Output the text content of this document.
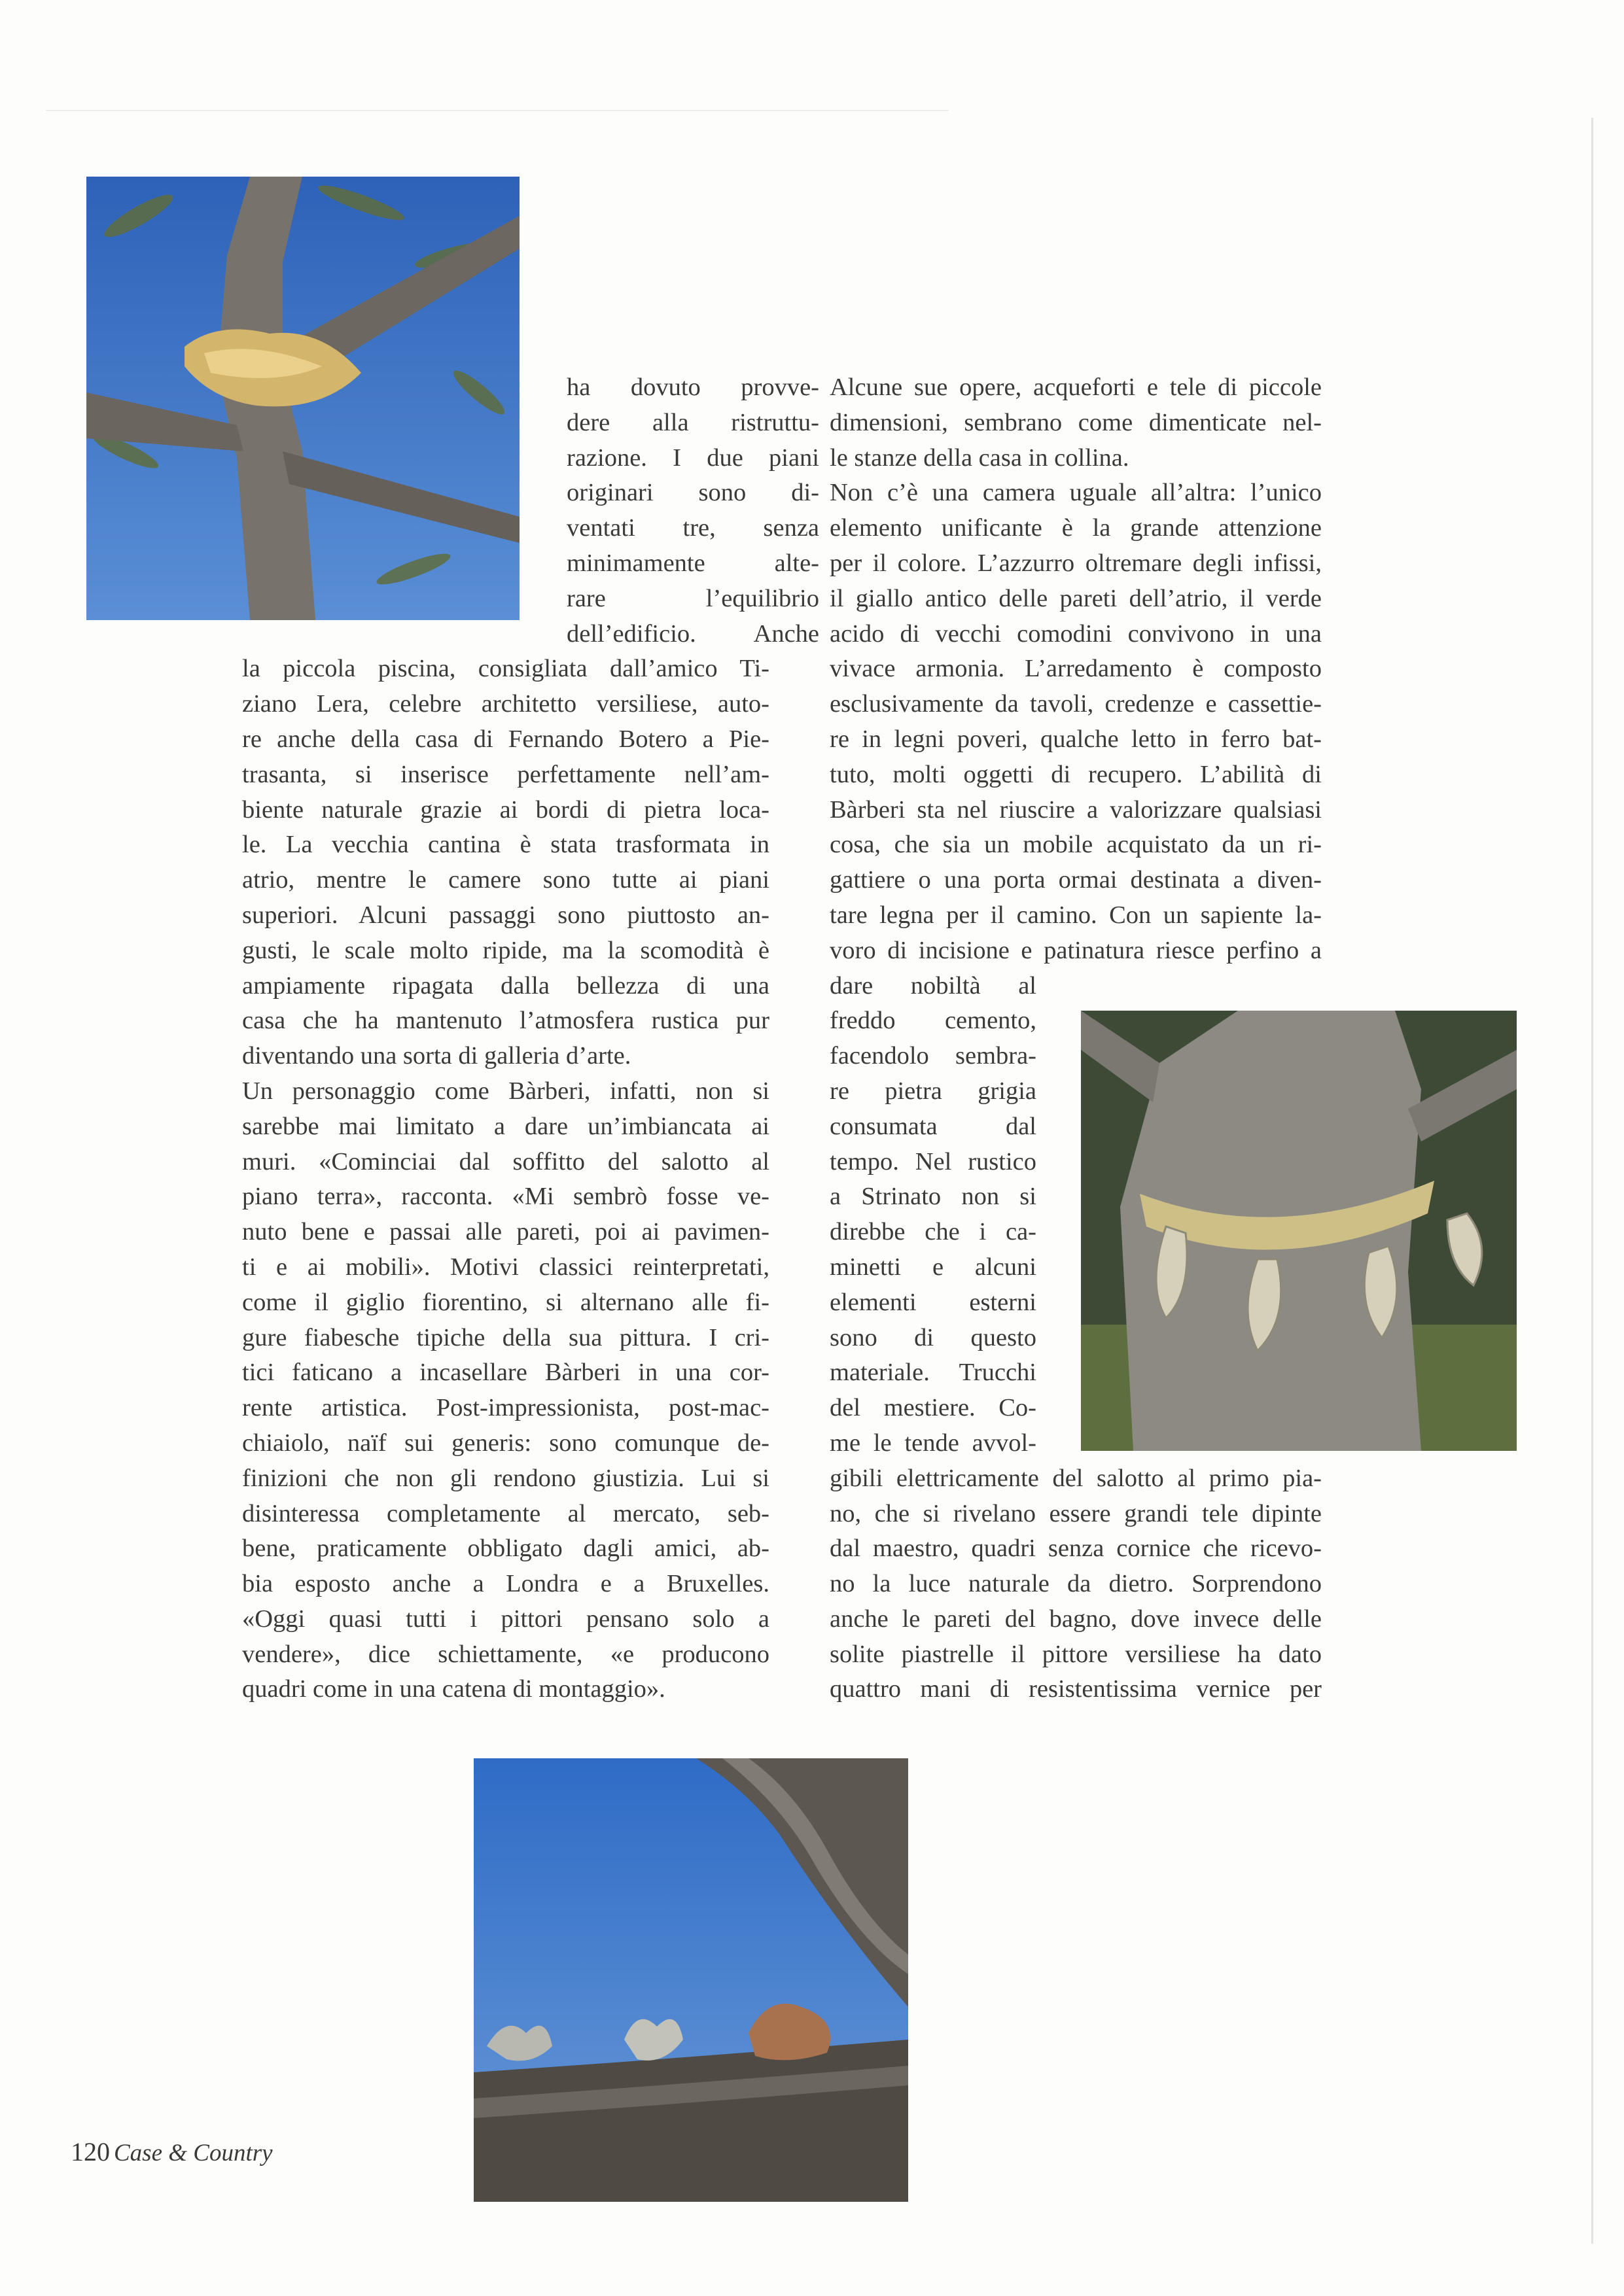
ha dovuto provve-
dere alla ristruttu-
razione. I due piani
originari sono di-
ventati tre, senza
minimamente alte-
rare l’equilibrio
dell’edificio. Anche
la piccola piscina, consigliata dall’amico Ti-
ziano Lera, celebre architetto versiliese, auto-
re anche della casa di Fernando Botero a Pie-
trasanta, si inserisce perfettamente nell’am-
biente naturale grazie ai bordi di pietra loca-
le. La vecchia cantina è stata trasformata in
atrio, mentre le camere sono tutte ai piani
superiori. Alcuni passaggi sono piuttosto an-
gusti, le scale molto ripide, ma la scomodità è
ampiamente ripagata dalla bellezza di una
casa che ha mantenuto l’atmosfera rustica pur
diventando una sorta di galleria d’arte.
Un personaggio come Bàrberi, infatti, non si
sarebbe mai limitato a dare un’imbiancata ai
muri. «Cominciai dal soffitto del salotto al
piano terra», racconta. «Mi sembrò fosse ve-
nuto bene e passai alle pareti, poi ai pavimen-
ti e ai mobili». Motivi classici reinterpretati,
come il giglio fiorentino, si alternano alle fi-
gure fiabesche tipiche della sua pittura. I cri-
tici faticano a incasellare Bàrberi in una cor-
rente artistica. Post-impressionista, post-mac-
chiaiolo, naïf sui generis: sono comunque de-
finizioni che non gli rendono giustizia. Lui si
disinteressa completamente al mercato, seb-
bene, praticamente obbligato dagli amici, ab-
bia esposto anche a Londra e a Bruxelles.
«Oggi quasi tutti i pittori pensano solo a
vendere», dice schiettamente, «e producono
quadri come in una catena di montaggio».
Alcune sue opere, acqueforti e tele di piccole
dimensioni, sembrano come dimenticate nel-
le stanze della casa in collina.
Non c’è una camera uguale all’altra: l’unico
elemento unificante è la grande attenzione
per il colore. L’azzurro oltremare degli infissi,
il giallo antico delle pareti dell’atrio, il verde
acido di vecchi comodini convivono in una
vivace armonia. L’arredamento è composto
esclusivamente da tavoli, credenze e cassettie-
re in legni poveri, qualche letto in ferro bat-
tuto, molti oggetti di recupero. L’abilità di
Bàrberi sta nel riuscire a valorizzare qualsiasi
cosa, che sia un mobile acquistato da un ri-
gattiere o una porta ormai destinata a diven-
tare legna per il camino. Con un sapiente la-
voro di incisione e patinatura riesce perfino a
dare nobiltà al
freddo cemento,
facendolo sembra-
re pietra grigia
consumata dal
tempo. Nel rustico
a Strinato non si
direbbe che i ca-
minetti e alcuni
elementi esterni
sono di questo
materiale. Trucchi
del mestiere. Co-
me le tende avvol-
gibili elettricamente del salotto al primo pia-
no, che si rivelano essere grandi tele dipinte
dal maestro, quadri senza cornice che ricevo-
no la luce naturale da dietro. Sorprendono
anche le pareti del bagno, dove invece delle
solite piastrelle il pittore versiliese ha dato
quattro mani di resistentissima vernice per
120 Case & Country
